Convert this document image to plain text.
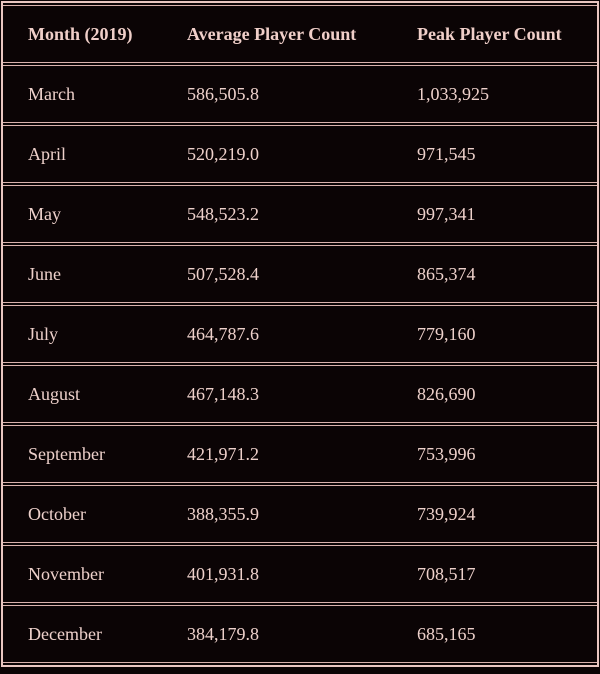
Month (2019)	Average Player Count	Peak Player Count
March	586,505.8	1,033,925
April	520,219.0	971,545
May	548,523.2	997,341
June	507,528.4	865,374
July	464,787.6	779,160
August	467,148.3	826,690
September	421,971.2	753,996
October	388,355.9	739,924
November	401,931.8	708,517
December	384,179.8	685,165
